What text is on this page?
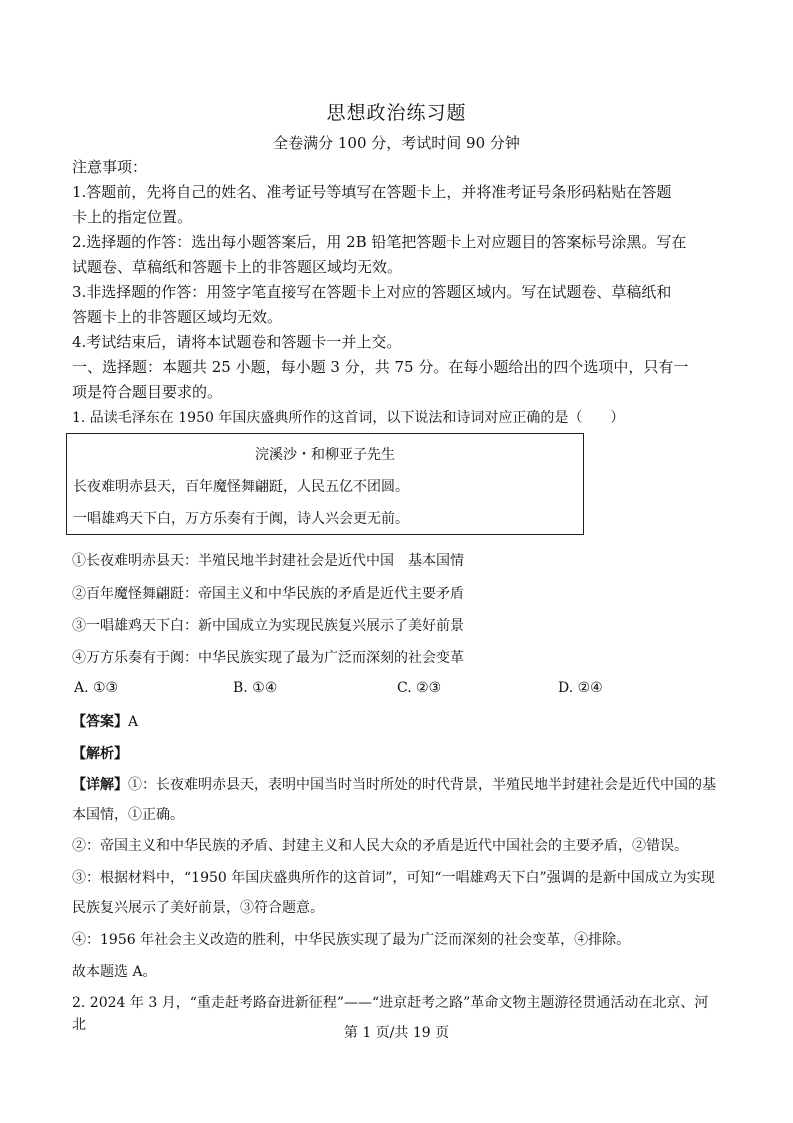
思想政治练习题
全卷满分 100 分，考试时间 90 分钟
注意事项：
1.答题前，先将自己的姓名、准考证号等填写在答题卡上，并将准考证号条形码粘贴在答题
卡上的指定位置。
2.选择题的作答：选出每小题答案后，用 2B 铅笔把答题卡上对应题目的答案标号涂黑。写在
试题卷、草稿纸和答题卡上的非答题区域均无效。
3.非选择题的作答：用签字笔直接写在答题卡上对应的答题区域内。写在试题卷、草稿纸和
答题卡上的非答题区域均无效。
4.考试结束后，请将本试题卷和答题卡一并上交。
一、选择题：本题共 25 小题，每小题 3 分，共 75 分。在每小题给出的四个选项中，只有一
项是符合题目要求的。
1. 品读毛泽东在 1950 年国庆盛典所作的这首词，以下说法和诗词对应正确的是（　　）
浣溪沙・和柳亚子先生
长夜难明赤县天，百年魔怪舞翩跹，人民五亿不团圆。
一唱雄鸡天下白，万方乐奏有于阗，诗人兴会更无前。
①长夜难明赤县天：半殖民地半封建社会是近代中国　基本国情
②百年魔怪舞翩跹：帝国主义和中华民族的矛盾是近代主要矛盾
③一唱雄鸡天下白：新中国成立为实现民族复兴展示了美好前景
④万方乐奏有于阗：中华民族实现了最为广泛而深刻的社会变革
A. ①③	B. ①④	C. ②③	D. ②④
【答案】A
【解析】
【详解】①：长夜难明赤县天，表明中国当时当时所处的时代背景，半殖民地半封建社会是近代中国的基
本国情，①正确。
②：帝国主义和中华民族的矛盾、封建主义和人民大众的矛盾是近代中国社会的主要矛盾，②错误。
③：根据材料中，“1950 年国庆盛典所作的这首词”，可知“一唱雄鸡天下白”强调的是新中国成立为实现
民族复兴展示了美好前景，③符合题意。
④：1956 年社会主义改造的胜利，中华民族实现了最为广泛而深刻的社会变革，④排除。
故本题选 A。
2. 2024 年 3 月，“重走赶考路奋进新征程”——“进京赶考之路”革命文物主题游径贯通活动在北京、河北	第 1 页/共 19 页
